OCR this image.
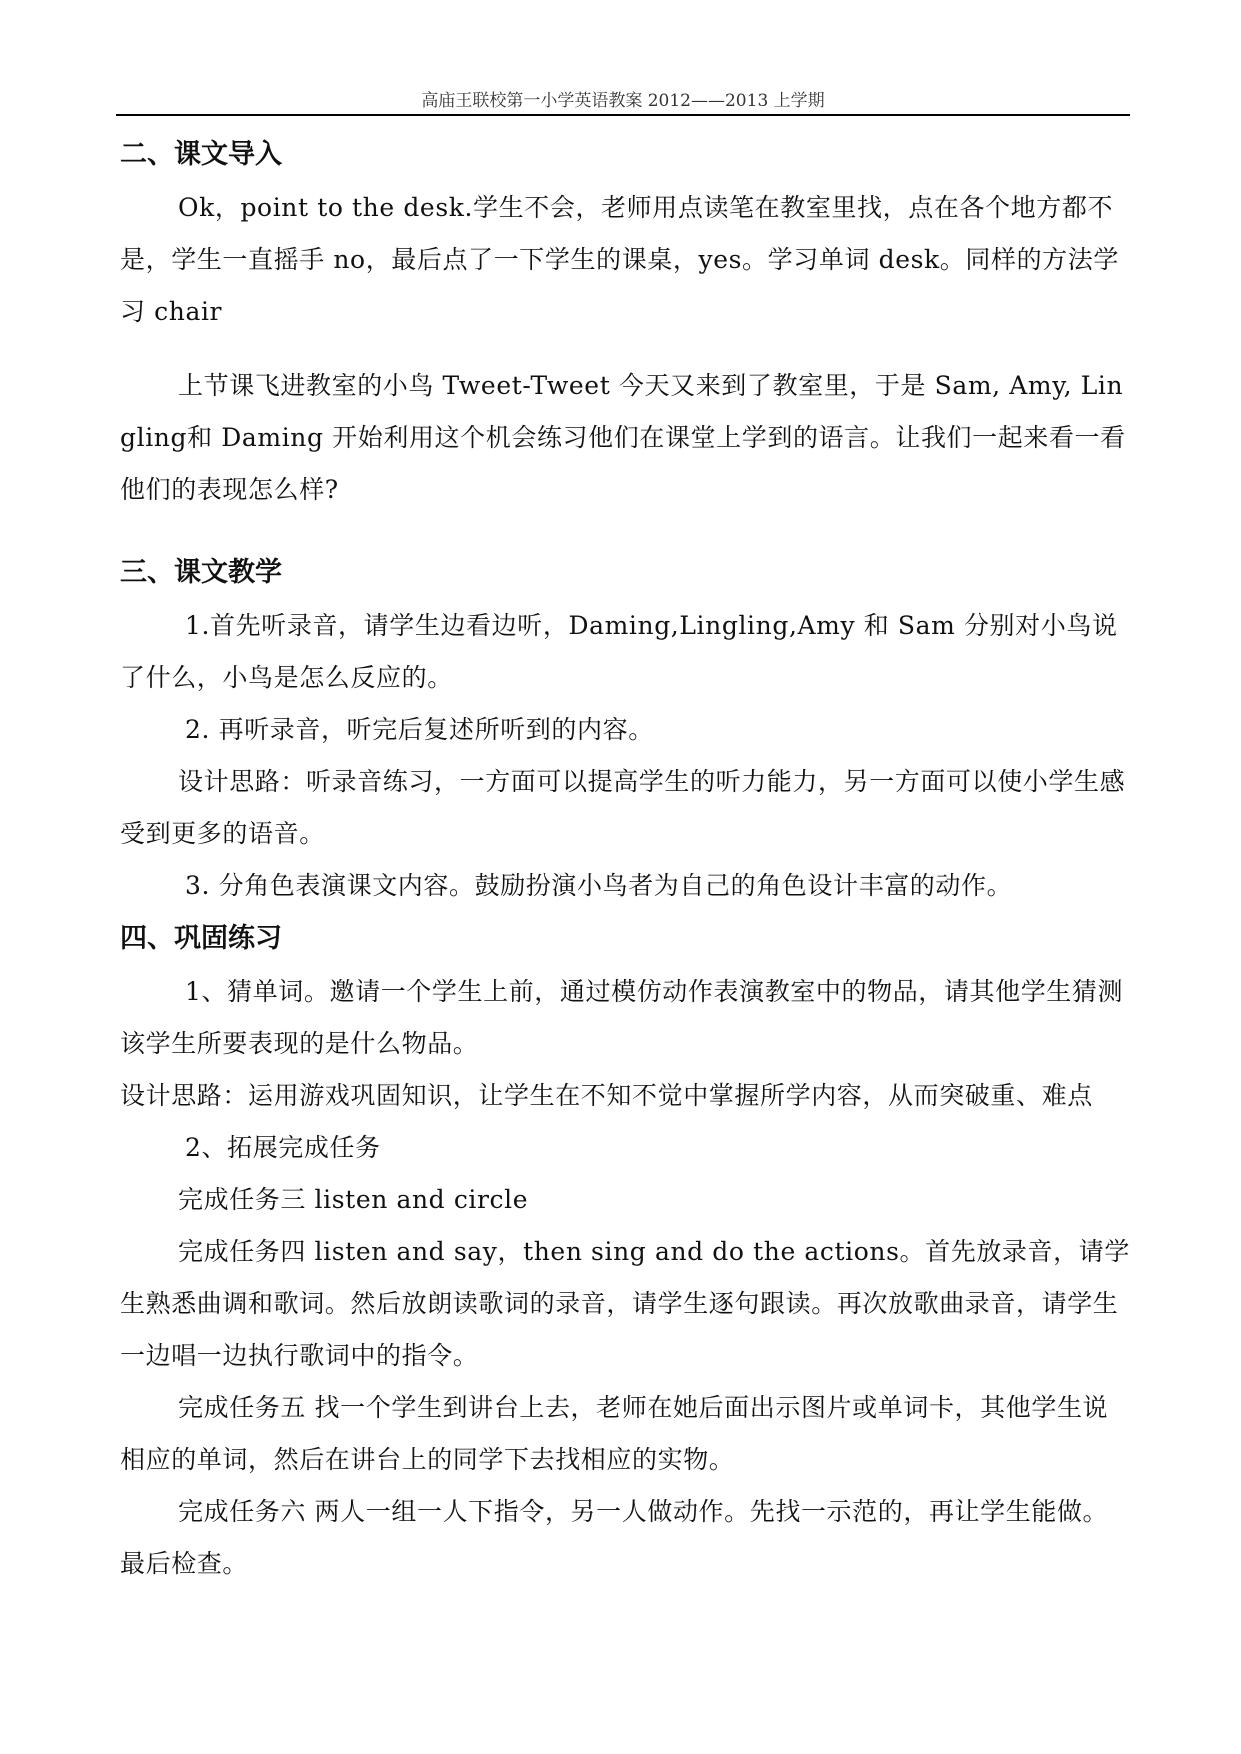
高庙王联校第一小学英语教案 2012——2013 上学期
二、课文导入

Ok，point to the desk.学生不会，老师用点读笔在教室里找，点在各个地方都不是，学生一直摇手 no，最后点了一下学生的课桌，yes。学习单词 desk。同样的方法学习 chair

上节课飞进教室的小鸟 Tweet-Tweet 今天又来到了教室里，于是 Sam, Amy, Lingling和 Daming 开始利用这个机会练习他们在课堂上学到的语言。让我们一起来看一看他们的表现怎么样?

三、课文教学

1.首先听录音，请学生边看边听，Daming,Lingling,Amy 和 Sam 分别对小鸟说了什么，小鸟是怎么反应的。

2. 再听录音，听完后复述所听到的内容。

设计思路：听录音练习，一方面可以提高学生的听力能力，另一方面可以使小学生感受到更多的语音。

3. 分角色表演课文内容。鼓励扮演小鸟者为自己的角色设计丰富的动作。

四、巩固练习

1、猜单词。邀请一个学生上前，通过模仿动作表演教室中的物品，请其他学生猜测该学生所要表现的是什么物品。

设计思路：运用游戏巩固知识，让学生在不知不觉中掌握所学内容，从而突破重、难点

2、拓展完成任务

完成任务三 listen and circle

完成任务四 listen and say，then sing and do the actions。首先放录音，请学生熟悉曲调和歌词。然后放朗读歌词的录音，请学生逐句跟读。再次放歌曲录音，请学生一边唱一边执行歌词中的指令。

完成任务五 找一个学生到讲台上去，老师在她后面出示图片或单词卡，其他学生说相应的单词，然后在讲台上的同学下去找相应的实物。

完成任务六 两人一组一人下指令，另一人做动作。先找一示范的，再让学生能做。最后检查。
